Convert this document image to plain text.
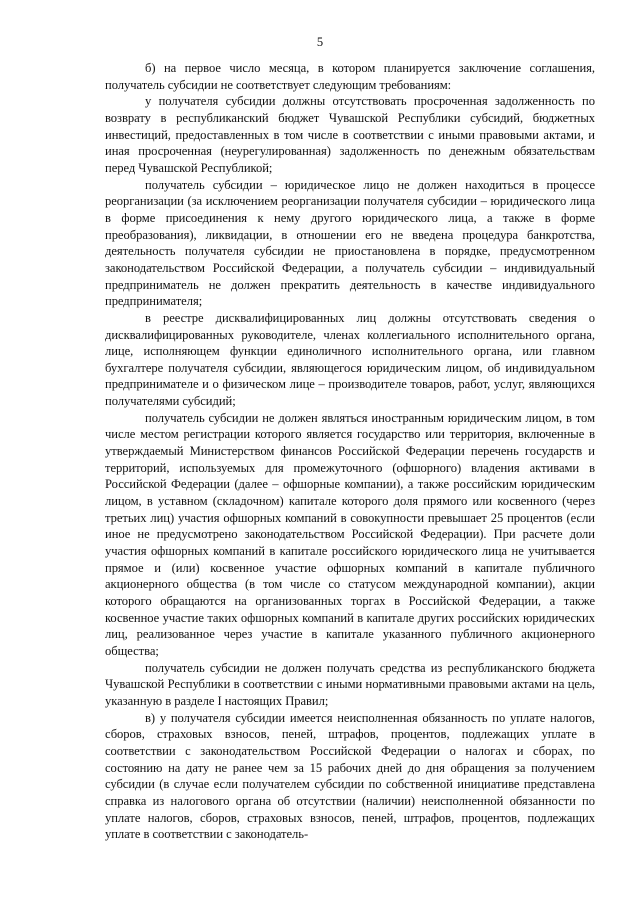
5

б) на первое число месяца, в котором планируется заключение соглашения, получатель субсидии не соответствует следующим требованиям:

у получателя субсидии должны отсутствовать просроченная задолженность по возврату в республиканский бюджет Чувашской Республики субсидий, бюджетных инвестиций, предоставленных в том числе в соответствии с иными правовыми актами, и иная просроченная (неурегулированная) задолженность по денежным обязательствам перед Чувашской Республикой;

получатель субсидии – юридическое лицо не должен находиться в процессе реорганизации (за исключением реорганизации получателя субсидии – юридического лица в форме присоединения к нему другого юридического лица, а также в форме преобразования), ликвидации, в отношении его не введена процедура банкротства, деятельность получателя субсидии не приостановлена в порядке, предусмотренном законодательством Российской Федерации, а получатель субсидии – индивидуальный предприниматель не должен прекратить деятельность в качестве индивидуального предпринимателя;

в реестре дисквалифицированных лиц должны отсутствовать сведения о дисквалифицированных руководителе, членах коллегиального исполнительного органа, лице, исполняющем функции единоличного исполнительного органа, или главном бухгалтере получателя субсидии, являющегося юридическим лицом, об индивидуальном предпринимателе и о физическом лице – производителе товаров, работ, услуг, являющихся получателями субсидий;

получатель субсидии не должен являться иностранным юридическим лицом, в том числе местом регистрации которого является государство или территория, включенные в утверждаемый Министерством финансов Российской Федерации перечень государств и территорий, используемых для промежуточного (офшорного) владения активами в Российской Федерации (далее – офшорные компании), а также российским юридическим лицом, в уставном (складочном) капитале которого доля прямого или косвенного (через третьих лиц) участия офшорных компаний в совокупности превышает 25 процентов (если иное не предусмотрено законодательством Российской Федерации). При расчете доли участия офшорных компаний в капитале российского юридического лица не учитывается прямое и (или) косвенное участие офшорных компаний в капитале публичного акционерного общества (в том числе со статусом международной компании), акции которого обращаются на организованных торгах в Российской Федерации, а также косвенное участие таких офшорных компаний в капитале других российских юридических лиц, реализованное через участие в капитале указанного публичного акционерного общества;

получатель субсидии не должен получать средства из республиканского бюджета Чувашской Республики в соответствии с иными нормативными правовыми актами на цель, указанную в разделе I настоящих Правил;

в) у получателя субсидии имеется неисполненная обязанность по уплате налогов, сборов, страховых взносов, пеней, штрафов, процентов, подлежащих уплате в соответствии с законодательством Российской Федерации о налогах и сборах, по состоянию на дату не ранее чем за 15 рабочих дней до дня обращения за получением субсидии (в случае если получателем субсидии по собственной инициативе представлена справка из налогового органа об отсутствии (наличии) неисполненной обязанности по уплате налогов, сборов, страховых взносов, пеней, штрафов, процентов, подлежащих уплате в соответствии с законодатель-
